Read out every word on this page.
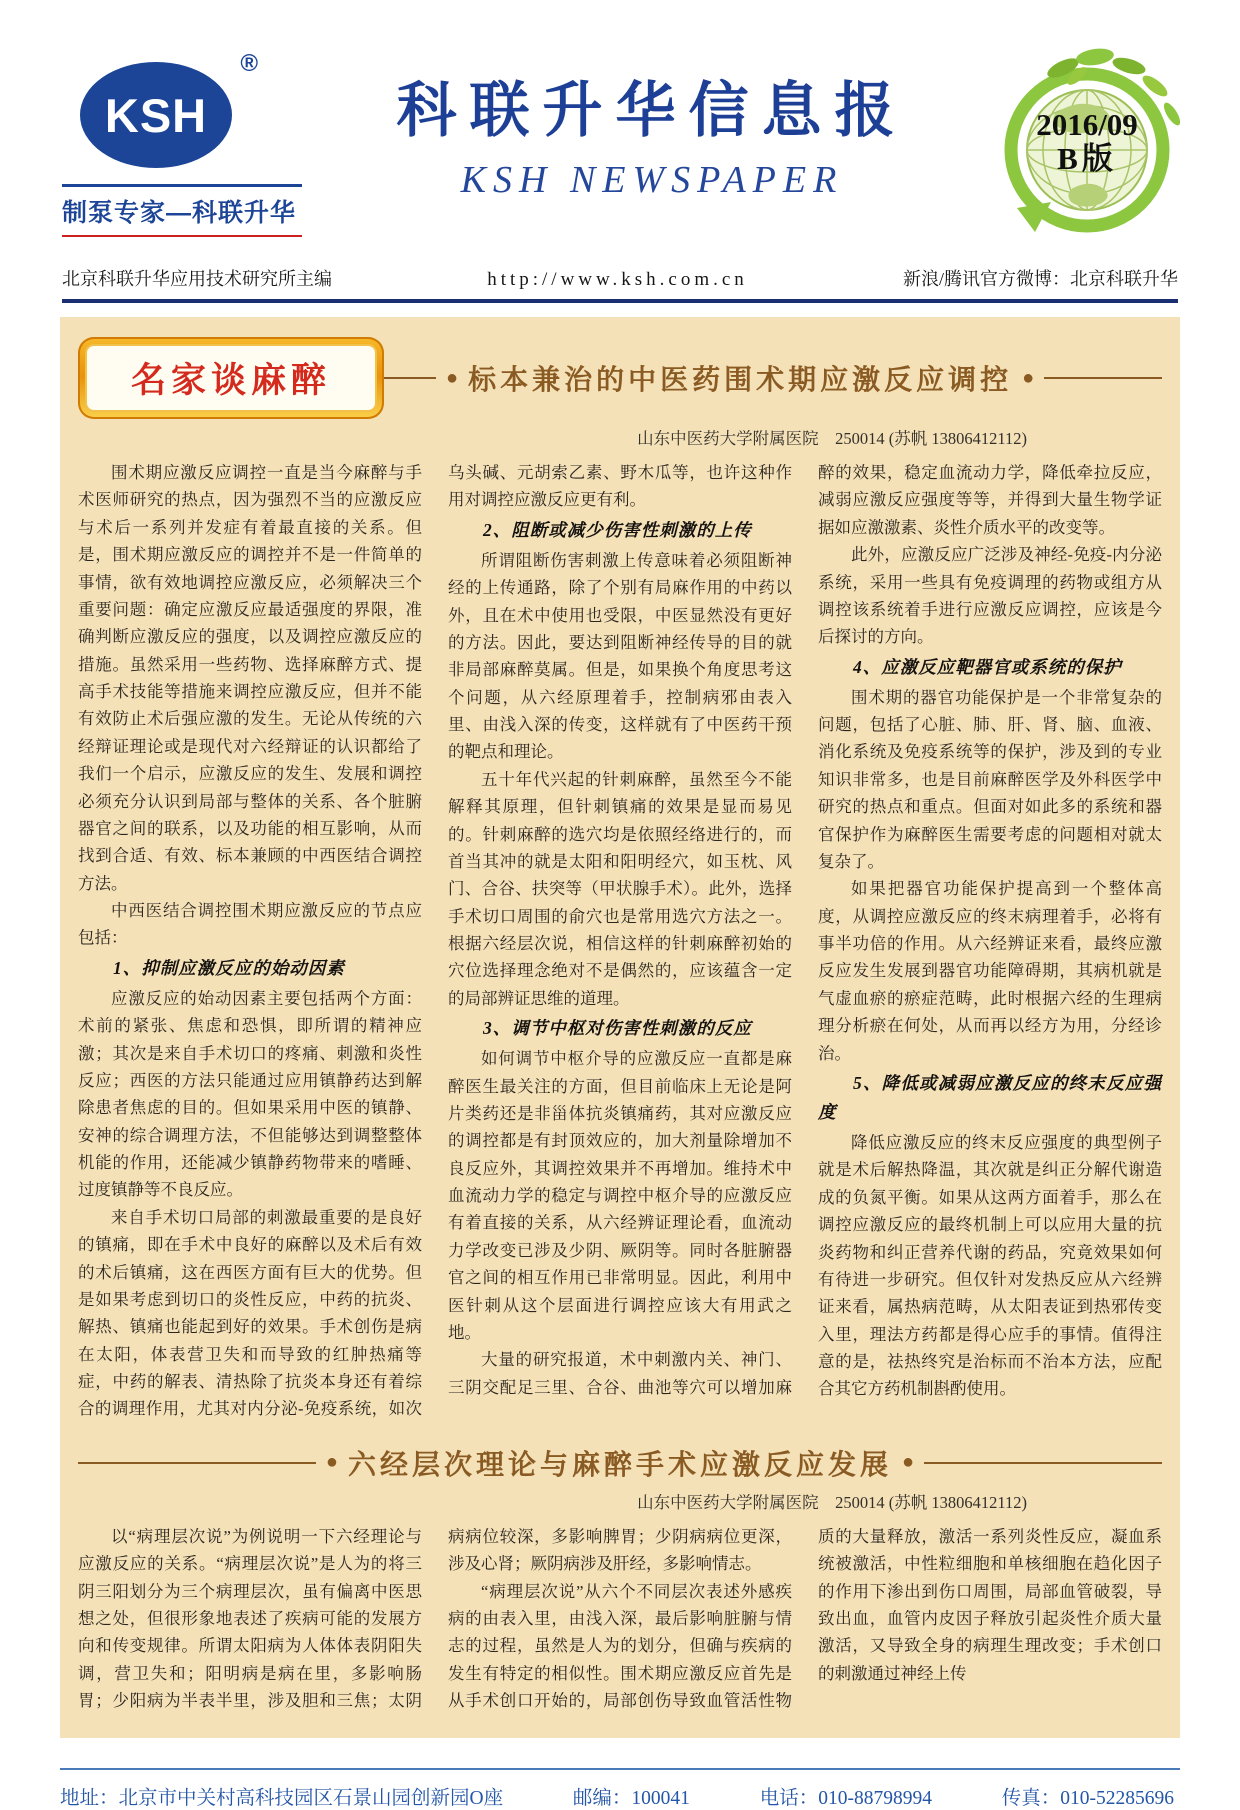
KSH
®
制泵专家—科联升华
科联升华信息报
KSH NEWSPAPER
2016/09
B版
北京科联升华应用技术研究所主编	http://www.ksh.com.cn	新浪/腾讯官方微博：北京科联升华
名家谈麻醉	● 标本兼治的中医药围术期应激反应调控 ●
山东中医药大学附属医院　250014 (苏帆 13806412112)
围术期应激反应调控一直是当今麻醉与手术医师研究的热点，因为强烈不当的应激反应与术后一系列并发症有着最直接的关系。但是，围术期应激反应的调控并不是一件简单的事情，欲有效地调控应激反应，必须解决三个重要问题：确定应激反应最适强度的界限，准确判断应激反应的强度，以及调控应激反应的措施。虽然采用一些药物、选择麻醉方式、提高手术技能等措施来调控应激反应，但并不能有效防止术后强应激的发生。无论从传统的六经辩证理论或是现代对六经辩证的认识都给了我们一个启示，应激反应的发生、发展和调控必须充分认识到局部与整体的关系、各个脏腑器官之间的联系，以及功能的相互影响，从而找到合适、有效、标本兼顾的中西医结合调控方法。
中西医结合调控围术期应激反应的节点应包括：
1、抑制应激反应的始动因素
应激反应的始动因素主要包括两个方面：术前的紧张、焦虑和恐惧，即所谓的精神应激；其次是来自手术切口的疼痛、刺激和炎性反应；西医的方法只能通过应用镇静药达到解除患者焦虑的目的。但如果采用中医的镇静、安神的综合调理方法，不但能够达到调整整体机能的作用，还能减少镇静药物带来的嗜睡、过度镇静等不良反应。
来自手术切口局部的刺激最重要的是良好的镇痛，即在手术中良好的麻醉以及术后有效的术后镇痛，这在西医方面有巨大的优势。但是如果考虑到切口的炎性反应，中药的抗炎、解热、镇痛也能起到好的效果。手术创伤是病在太阳，体表营卫失和而导致的红肿热痛等症，中药的解表、清热除了抗炎本身还有着综合的调理作用，尤其对内分泌-免疫系统，如次乌头碱、元胡索乙素、野木瓜等，也许这种作用对调控应激反应更有利。
2、阻断或减少伤害性刺激的上传
所谓阻断伤害刺激上传意味着必须阻断神经的上传通路，除了个别有局麻作用的中药以外，且在术中使用也受限，中医显然没有更好的方法。因此，要达到阻断神经传导的目的就非局部麻醉莫属。但是，如果换个角度思考这个问题，从六经原理着手，控制病邪由表入里、由浅入深的传变，这样就有了中医药干预的靶点和理论。
五十年代兴起的针刺麻醉，虽然至今不能解释其原理，但针刺镇痛的效果是显而易见的。针刺麻醉的选穴均是依照经络进行的，而首当其冲的就是太阳和阳明经穴，如玉枕、风门、合谷、扶突等（甲状腺手术）。此外，选择手术切口周围的俞穴也是常用选穴方法之一。根据六经层次说，相信这样的针刺麻醉初始的穴位选择理念绝对不是偶然的，应该蕴含一定的局部辨证思维的道理。
3、调节中枢对伤害性刺激的反应
如何调节中枢介导的应激反应一直都是麻醉医生最关注的方面，但目前临床上无论是阿片类药还是非甾体抗炎镇痛药，其对应激反应的调控都是有封顶效应的，加大剂量除增加不良反应外，其调控效果并不再增加。维持术中血流动力学的稳定与调控中枢介导的应激反应有着直接的关系，从六经辨证理论看，血流动力学改变已涉及少阴、厥阴等。同时各脏腑器官之间的相互作用已非常明显。因此，利用中医针刺从这个层面进行调控应该大有用武之地。
大量的研究报道，术中刺激内关、神门、三阴交配足三里、合谷、曲池等穴可以增加麻醉的效果，稳定血流动力学，降低牵拉反应，减弱应激反应强度等等，并得到大量生物学证据如应激激素、炎性介质水平的改变等。
此外，应激反应广泛涉及神经-免疫-内分泌系统，采用一些具有免疫调理的药物或组方从调控该系统着手进行应激反应调控，应该是今后探讨的方向。
4、应激反应靶器官或系统的保护
围术期的器官功能保护是一个非常复杂的问题，包括了心脏、肺、肝、肾、脑、血液、消化系统及免疫系统等的保护，涉及到的专业知识非常多，也是目前麻醉医学及外科医学中研究的热点和重点。但面对如此多的系统和器官保护作为麻醉医生需要考虑的问题相对就太复杂了。
如果把器官功能保护提高到一个整体高度，从调控应激反应的终末病理着手，必将有事半功倍的作用。从六经辨证来看，最终应激反应发生发展到器官功能障碍期，其病机就是气虚血瘀的瘀症范畴，此时根据六经的生理病理分析瘀在何处，从而再以经方为用，分经诊治。
5、降低或减弱应激反应的终末反应强度
降低应激反应的终末反应强度的典型例子就是术后解热降温，其次就是纠正分解代谢造成的负氮平衡。如果从这两方面着手，那么在调控应激反应的最终机制上可以应用大量的抗炎药物和纠正营养代谢的药品，究竟效果如何有待进一步研究。但仅针对发热反应从六经辨证来看，属热病范畴，从太阳表证到热邪传变入里，理法方药都是得心应手的事情。值得注意的是，祛热终究是治标而不治本方法，应配合其它方药机制斟酌使用。
● 六经层次理论与麻醉手术应激反应发展 ●
山东中医药大学附属医院　250014 (苏帆 13806412112)
以“病理层次说”为例说明一下六经理论与应激反应的关系。“病理层次说”是人为的将三阴三阳划分为三个病理层次，虽有偏离中医思想之处，但很形象地表述了疾病可能的发展方向和传变规律。所谓太阳病为人体体表阴阳失调，营卫失和；阳明病是病在里，多影响肠胃；少阳病为半表半里，涉及胆和三焦；太阴病病位较深，多影响脾胃；少阴病病位更深，涉及心肾；厥阴病涉及肝经，多影响情志。
“病理层次说”从六个不同层次表述外感疾病的由表入里，由浅入深，最后影响脏腑与情志的过程，虽然是人为的划分，但确与疾病的发生有特定的相似性。围术期应激反应首先是从手术创口开始的，局部创伤导致血管活性物质的大量释放，激活一系列炎性反应，凝血系统被激活，中性粒细胞和单核细胞在趋化因子的作用下渗出到伤口周围，局部血管破裂，导致出血，血管内皮因子释放引起炎性介质大量激活，又导致全身的病理生理改变；手术创口的刺激通过神经上传
地址：北京市中关村高科技园区石景山园创新园O座	邮编：100041	电话：010-88798994	传真：010-52285696
